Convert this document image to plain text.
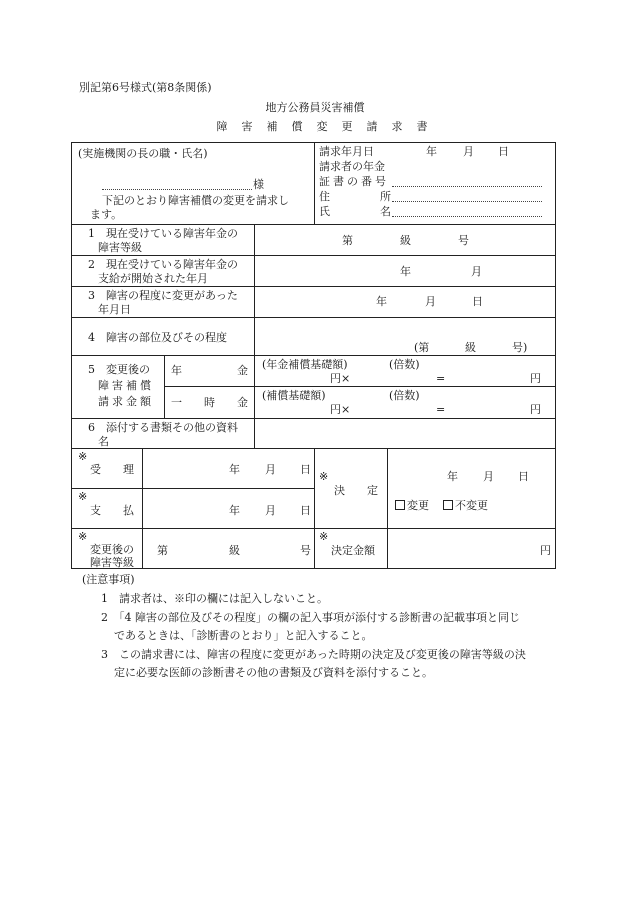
別記第6号様式(第8条関係)
地方公務員災害補償
障害補償変更請求書
(実施機関の長の職・氏名)
様
下記のとおり障害補償の変更を請求し
ます。
請求年月日	年 月 日
請求者の年金
証書の番号
住	所
氏	名
1　現在受けている障害年金の
障害等級
第	級	号
2　現在受けている障害年金の
支給が開始された年月
年	月
3　障害の程度に変更があった
年月日
年	月	日
4　障害の部位及びその程度
(第	級	号)
5　変更後の
障害補償
請求金額
年	金 (年金補償基礎額)	(倍数)
円×	=	円
一　　時 金
(補償基礎額)	(倍数)
円×	=	円
6　添付する書類その他の資料
名
※
受　　理	年 月 日
※
支　　払	年 月 日
※
決　　定
年 月 日
変更	不変更
※
変更後の
障害等級
第	級	号
※
決定金額	円
(注意事項)
1　請求者は、※印の欄には記入しないこと。
2　「4 障害の部位及びその程度」の欄の記入事項が添付する診断書の記載事項と同じ
であるときは、「診断書のとおり」と記入すること。
3　この請求書には、障害の程度に変更があった時期の決定及び変更後の障害等級の決
定に必要な医師の診断書その他の書類及び資料を添付すること。
